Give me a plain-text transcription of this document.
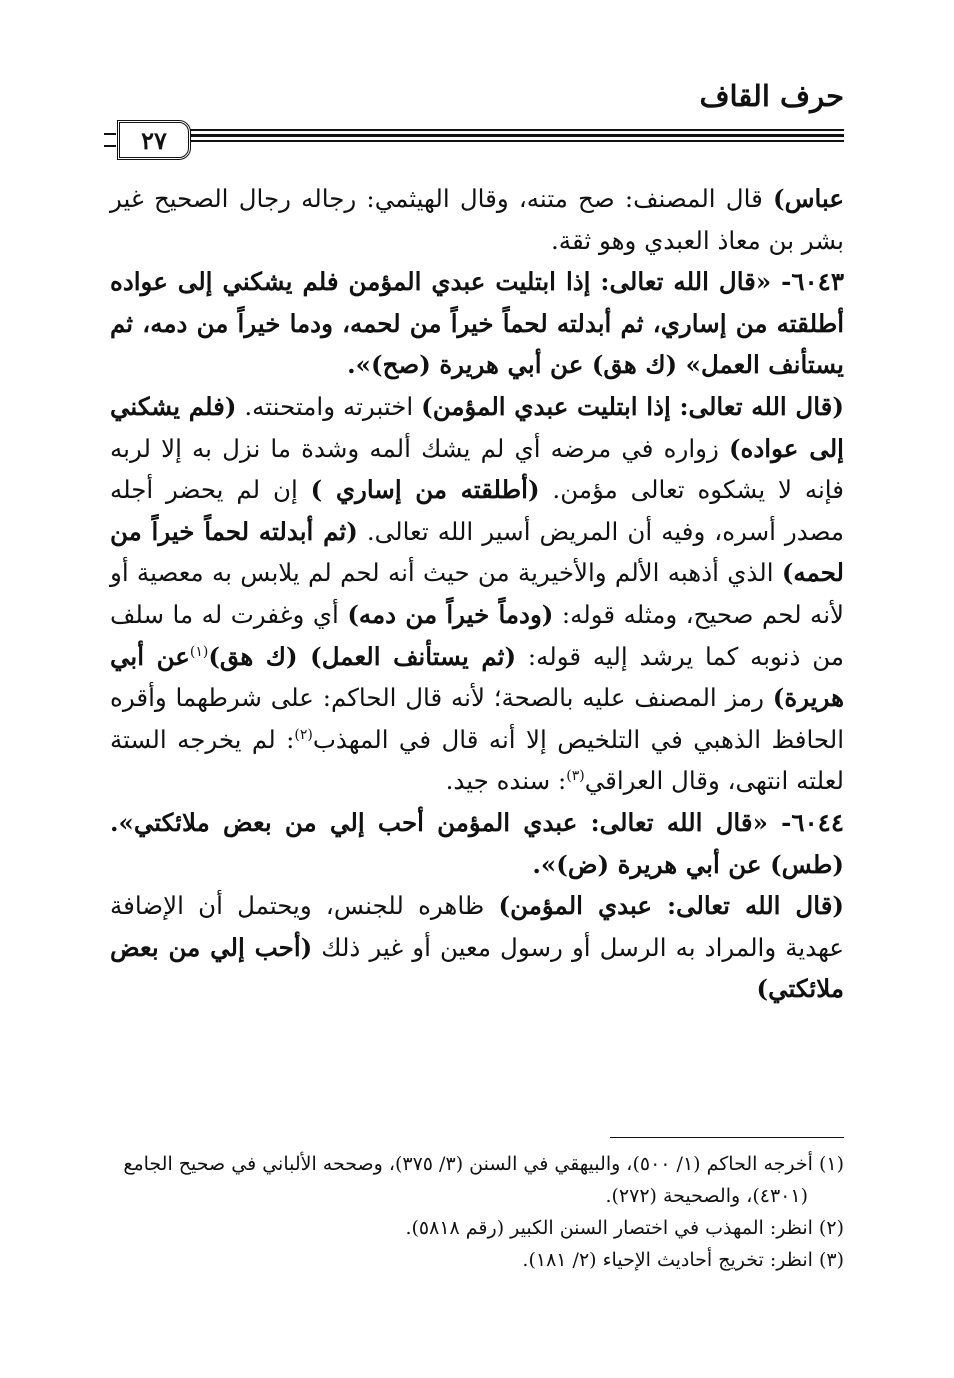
حرف القاف
٢٧

عباس) قال المصنف: صح متنه، وقال الهيثمي: رجاله رجال الصحيح غير بشر بن معاذ العبدي وهو ثقة.

٦٠٤٣- «قال الله تعالى: إذا ابتليت عبدي المؤمن فلم يشكني إلى عواده أطلقته من إساري، ثم أبدلته لحماً خيراً من لحمه، ودما خيراً من دمه، ثم يستأنف العمل» (ك هق) عن أبي هريرة (صح)».

(قال الله تعالى: إذا ابتليت عبدي المؤمن) اختبرته وامتحنته. (فلم يشكني إلى عواده) زواره في مرضه أي لم يشك ألمه وشدة ما نزل به إلا لربه فإنه لا يشكوه تعالى مؤمن. (أطلقته من إساري ) إن لم يحضر أجله مصدر أسره، وفيه أن المريض أسير الله تعالى. (ثم أبدلته لحماً خيراً من لحمه) الذي أذهبه الألم والأخيرية من حيث أنه لحم لم يلابس به معصية أو لأنه لحم صحيح، ومثله قوله: (ودماً خيراً من دمه) أي وغفرت له ما سلف من ذنوبه كما يرشد إليه قوله: (ثم يستأنف العمل) (ك هق)$^{(١)}$عن أبي هريرة) رمز المصنف عليه بالصحة؛ لأنه قال الحاكم: على شرطهما وأقره الحافظ الذهبي في التلخيص إلا أنه قال في المهذب$^{(٢)}$: لم يخرجه الستة لعلته انتهى، وقال العراقي$^{(٣)}$: سنده جيد.

٦٠٤٤- «قال الله تعالى: عبدي المؤمن أحب إلي من بعض ملائكتي». (طس) عن أبي هريرة (ض)».

(قال الله تعالى: عبدي المؤمن) ظاهره للجنس، ويحتمل أن الإضافة عهدية والمراد به الرسل أو رسول معين أو غير ذلك (أحب إلي من بعض ملائكتي)

(١) أخرجه الحاكم (١/ ٥٠٠)، والبيهقي في السنن (٣/ ٣٧٥)، وصححه الألباني في صحيح الجامع

(٤٣٠١)، والصحيحة (٢٧٢).

(٢) انظر: المهذب في اختصار السنن الكبير (رقم ٥٨١٨).

(٣) انظر: تخريج أحاديث الإحياء (٢/ ١٨١).
